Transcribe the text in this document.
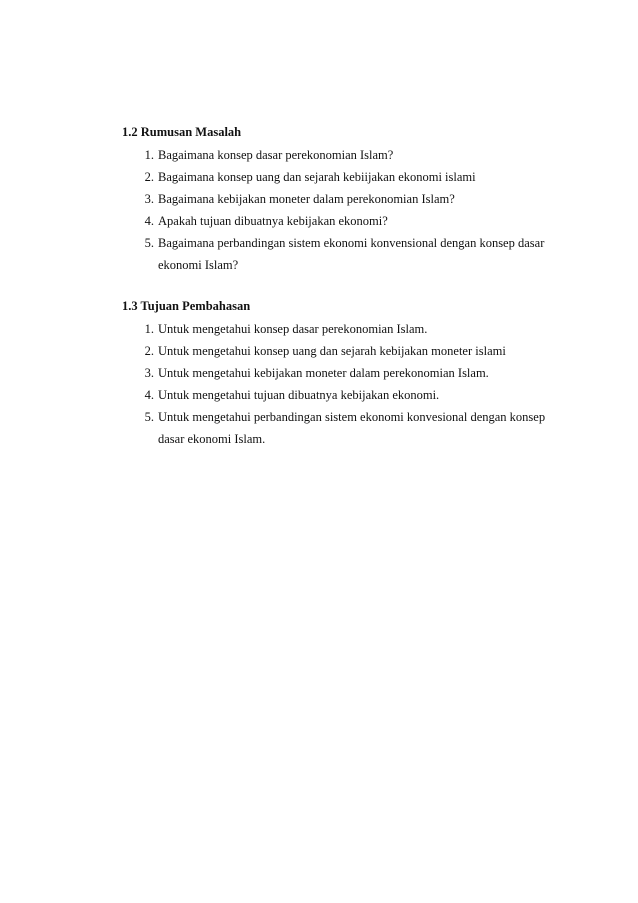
1.2 Rumusan Masalah
1. Bagaimana konsep dasar perekonomian Islam?
2. Bagaimana konsep uang dan sejarah kebiijakan ekonomi islami
3. Bagaimana kebijakan moneter dalam perekonomian Islam?
4. Apakah tujuan dibuatnya kebijakan ekonomi?
5. Bagaimana perbandingan sistem ekonomi konvensional dengan konsep dasar ekonomi Islam?
1.3 Tujuan Pembahasan
1. Untuk mengetahui konsep dasar perekonomian Islam.
2. Untuk mengetahui konsep uang dan sejarah kebijakan moneter islami
3. Untuk mengetahui kebijakan moneter dalam perekonomian Islam.
4. Untuk mengetahui tujuan dibuatnya kebijakan ekonomi.
5. Untuk mengetahui perbandingan sistem ekonomi konvesional dengan konsep dasar ekonomi Islam.
